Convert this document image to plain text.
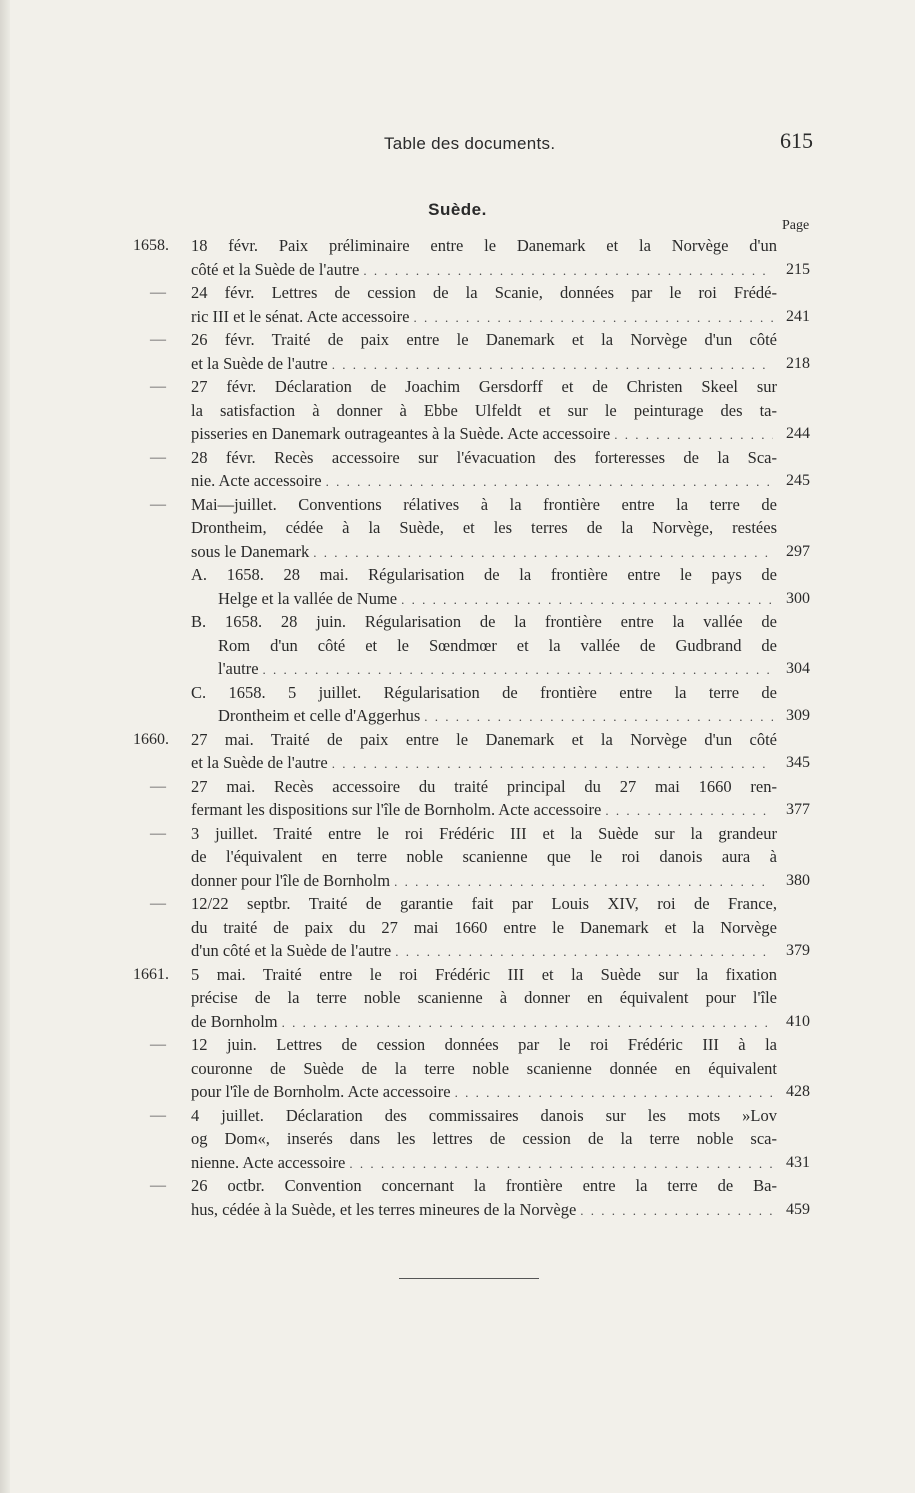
Table des documents.	615
Suède.
Page
1658.	18 févr. Paix préliminaire entre le Danemark et la Norvège d'un
côté et la Suède de l'autre . . .	215
— 24 févr. Lettres de cession de la Scanie, données par le roi Frédé-
ric III et le sénat. Acte accessoire . . .	241
— 26 févr. Traité de paix entre le Danemark et la Norvège d'un côté
et la Suède de l'autre . . .	218
— 27 févr. Déclaration de Joachim Gersdorff et de Christen Skeel sur
la satisfaction à donner à Ebbe Ulfeldt et sur le peinturage des ta-
pisseries en Danemark outrageantes à la Suède. Acte accessoire . . .	244
— 28 févr. Recès accessoire sur l'évacuation des forteresses de la Sca-
nie. Acte accessoire . . .	245
— Mai—juillet. Conventions rélatives à la frontière entre la terre de
Drontheim, cédée à la Suède, et les terres de la Norvège, restées
sous le Danemark . . .	297
A. 1658. 28 mai. Régularisation de la frontière entre le pays de
Helge et la vallée de Nume . . .	300
B. 1658. 28 juin. Régularisation de la frontière entre la vallée de
Rom d'un côté et le Sœndmœr et la vallée de Gudbrand de
l'autre . . .	304
C. 1658. 5 juillet. Régularisation de frontière entre la terre de
Drontheim et celle d'Aggerhus . . .	309
1660.	27 mai. Traité de paix entre le Danemark et la Norvège d'un côté
et la Suède de l'autre . . .	345
— 27 mai. Recès accessoire du traité principal du 27 mai 1660 ren-
fermant les dispositions sur l'île de Bornholm. Acte accessoire . . .	377
— 3 juillet. Traité entre le roi Frédéric III et la Suède sur la grandeur
de l'équivalent en terre noble scanienne que le roi danois aura à
donner pour l'île de Bornholm . . .	380
— 12/22 septbr. Traité de garantie fait par Louis XIV, roi de France,
du traité de paix du 27 mai 1660 entre le Danemark et la Norvège
d'un côté et la Suède de l'autre . . .	379
1661.	5 mai. Traité entre le roi Frédéric III et la Suède sur la fixation
précise de la terre noble scanienne à donner en équivalent pour l'île
de Bornholm . . .	410
— 12 juin. Lettres de cession données par le roi Frédéric III à la
couronne de Suède de la terre noble scanienne donnée en équivalent
pour l'île de Bornholm. Acte accessoire . . .	428
— 4 juillet. Déclaration des commissaires danois sur les mots »Lov
og Dom«, inserés dans les lettres de cession de la terre noble sca-
nienne. Acte accessoire . . .	431
— 26 octbr. Convention concernant la frontière entre la terre de Ba-
hus, cédée à la Suède, et les terres mineures de la Norvège . . .	459
